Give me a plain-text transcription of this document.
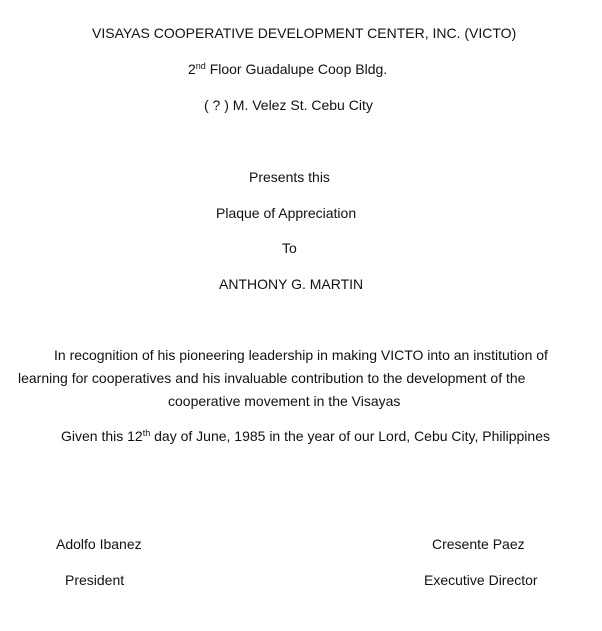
VISAYAS COOPERATIVE DEVELOPMENT CENTER, INC. (VICTO)
2nd Floor Guadalupe Coop Bldg.
( ? ) M. Velez St. Cebu City
Presents this
Plaque of Appreciation
To
ANTHONY G. MARTIN
In recognition of his pioneering leadership in making VICTO into an institution of
learning for cooperatives and his invaluable contribution to the development of the
cooperative movement in the Visayas
Given this 12th day of June, 1985 in the year of our Lord, Cebu City, Philippines
Adolfo Ibanez
President
Cresente Paez
Executive Director
